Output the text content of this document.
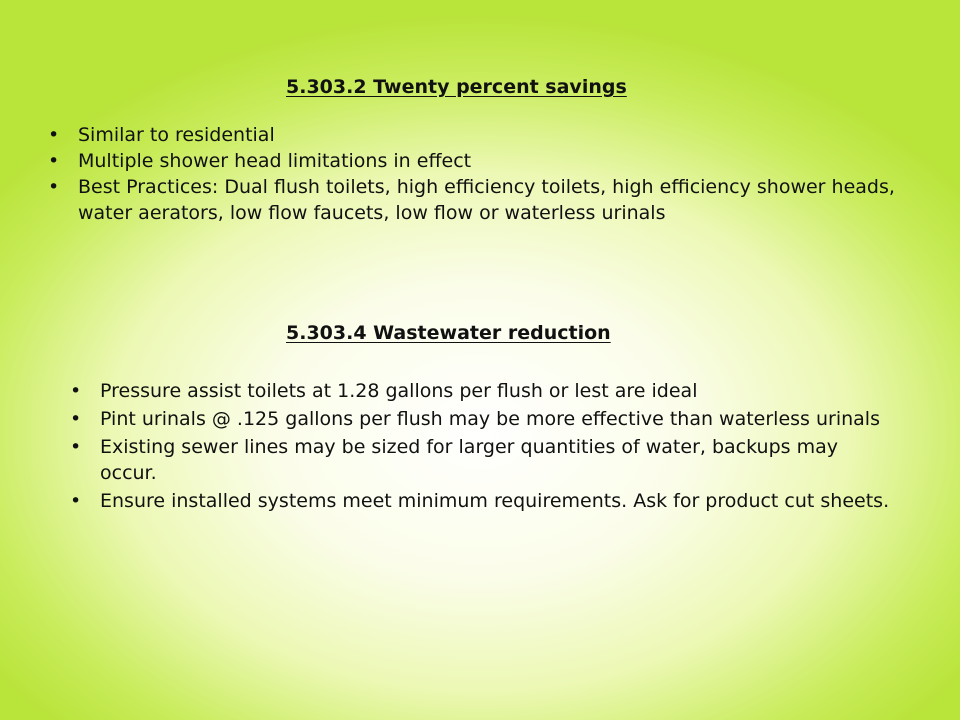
5.303.2 Twenty percent savings
• Similar to residential
• Multiple shower head limitations in effect
• Best Practices: Dual flush toilets, high efficiency toilets, high efficiency shower heads, water aerators, low flow faucets, low flow or waterless urinals
5.303.4 Wastewater reduction
• Pressure assist toilets at 1.28 gallons per flush or lest are ideal
• Pint urinals @ .125 gallons per flush may be more effective than waterless urinals
• Existing sewer lines may be sized for larger quantities of water, backups may occur.
• Ensure installed systems meet minimum requirements. Ask for product cut sheets.
